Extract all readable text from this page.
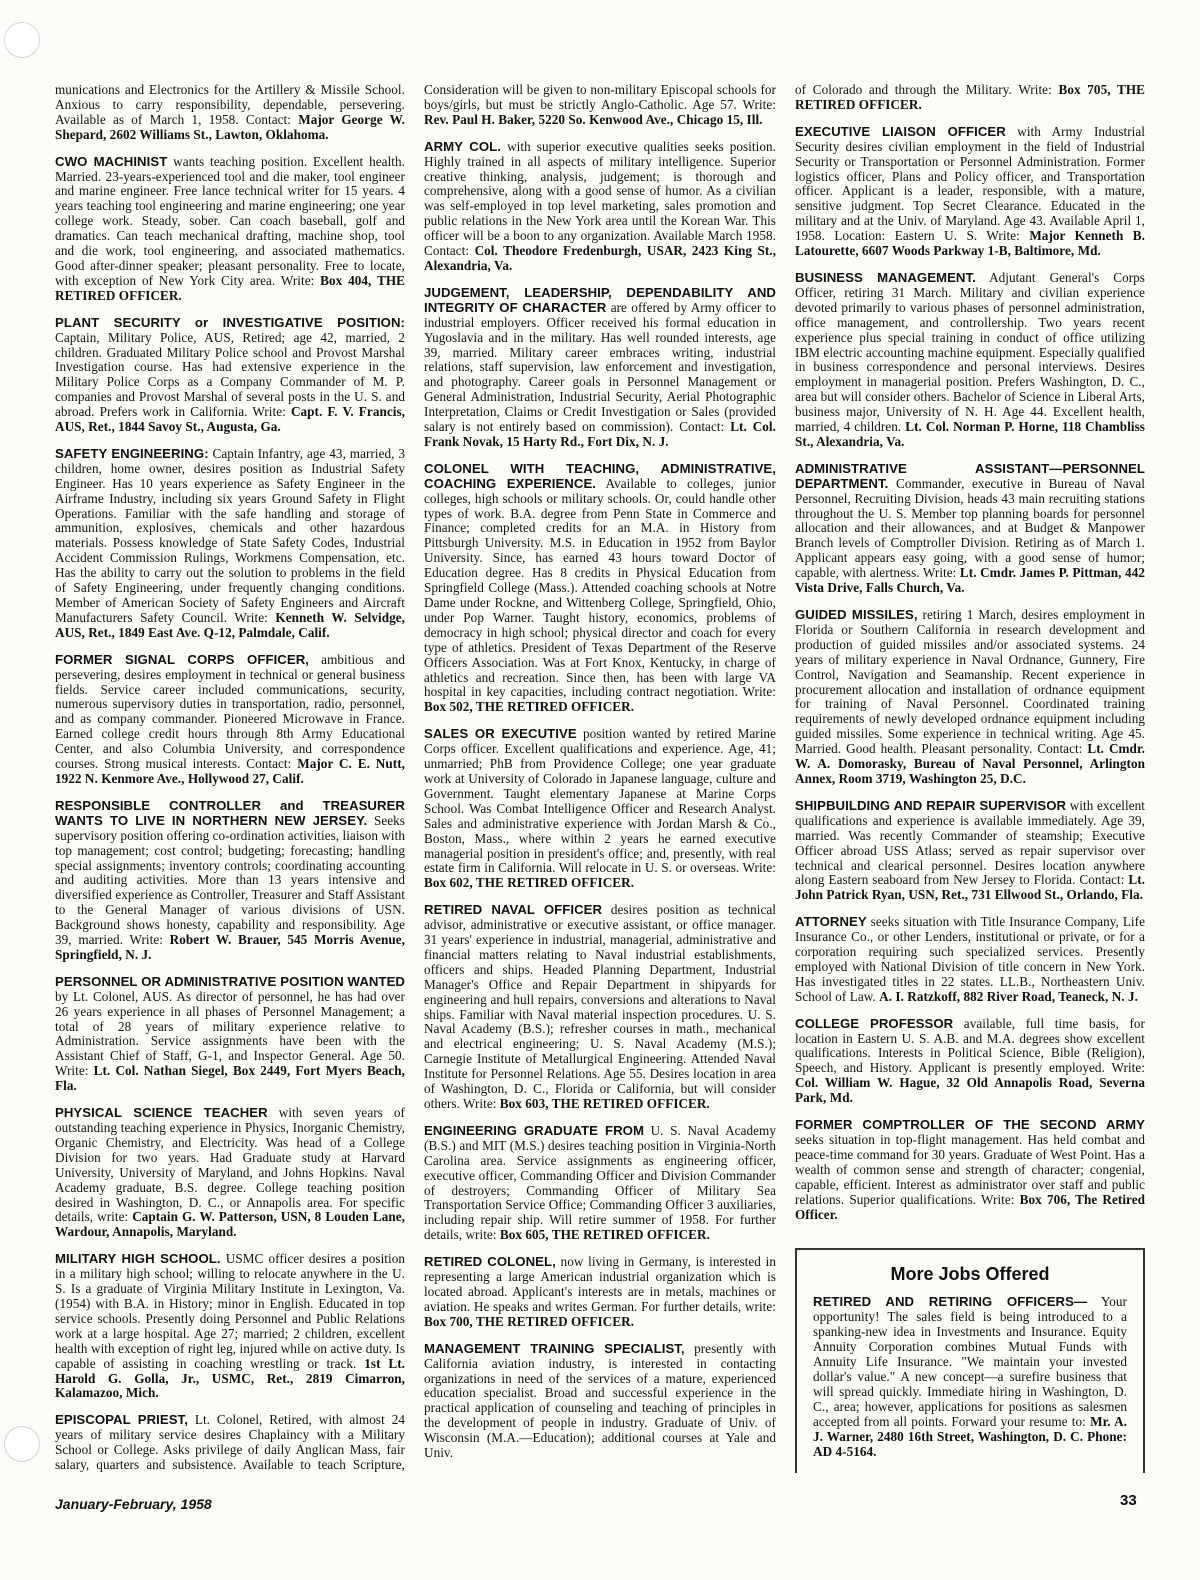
munications and Electronics for the Artillery & Missile School. Anxious to carry responsibility, dependable, persevering. Available as of March 1, 1958. Contact: Major George W. Shepard, 2602 Williams St., Lawton, Oklahoma.

CWO MACHINIST wants teaching position. Excellent health. Married. 23-years-experienced tool and die maker, tool engineer and marine engineer. Free lance technical writer for 15 years. 4 years teaching tool engineering and marine engineering; one year college work. Steady, sober. Can coach baseball, golf and dramatics. Can teach mechanical drafting, machine shop, tool and die work, tool engineering, and associated mathematics. Good after-dinner speaker; pleasant personality. Free to locate, with exception of New York City area. Write: Box 404, THE RETIRED OFFICER.

PLANT SECURITY or INVESTIGATIVE POSITION: Captain, Military Police, AUS, Retired; age 42, married, 2 children. Graduated Military Police school and Provost Marshal Investigation course. Has had extensive experience in the Military Police Corps as a Company Commander of M. P. companies and Provost Marshal of several posts in the U. S. and abroad. Prefers work in California. Write: Capt. F. V. Francis, AUS, Ret., 1844 Savoy St., Augusta, Ga.

SAFETY ENGINEERING: Captain Infantry, age 43, married, 3 children, home owner, desires position as Industrial Safety Engineer. Has 10 years experience as Safety Engineer in the Airframe Industry, including six years Ground Safety in Flight Operations. Familiar with the safe handling and storage of ammunition, explosives, chemicals and other hazardous materials. Possess knowledge of State Safety Codes, Industrial Accident Commission Rulings, Workmens Compensation, etc. Has the ability to carry out the solution to problems in the field of Safety Engineering, under frequently changing conditions. Member of American Society of Safety Engineers and Aircraft Manufacturers Safety Council. Write: Kenneth W. Selvidge, AUS, Ret., 1849 East Ave. Q-12, Palmdale, Calif.

FORMER SIGNAL CORPS OFFICER, ambitious and persevering, desires employment in technical or general business fields. Service career included communications, security, numerous supervisory duties in transportation, radio, personnel, and as company commander. Pioneered Microwave in France. Earned college credit hours through 8th Army Educational Center, and also Columbia University, and correspondence courses. Strong musical interests. Contact: Major C. E. Nutt, 1922 N. Kenmore Ave., Hollywood 27, Calif.

RESPONSIBLE CONTROLLER and TREASURER WANTS TO LIVE IN NORTHERN NEW JERSEY. Seeks supervisory position offering co-ordination activities, liaison with top management; cost control; budgeting; forecasting; handling special assignments; inventory controls; coordinating accounting and auditing activities. More than 13 years intensive and diversified experience as Controller, Treasurer and Staff Assistant to the General Manager of various divisions of USN. Background shows honesty, capability and responsibility. Age 39, married. Write: Robert W. Brauer, 545 Morris Avenue, Springfield, N. J.

PERSONNEL OR ADMINISTRATIVE POSITION WANTED by Lt. Colonel, AUS. As director of personnel, he has had over 26 years experience in all phases of Personnel Management; a total of 28 years of military experience relative to Administration. Service assignments have been with the Assistant Chief of Staff, G-1, and Inspector General. Age 50. Write: Lt. Col. Nathan Siegel, Box 2449, Fort Myers Beach, Fla.

PHYSICAL SCIENCE TEACHER with seven years of outstanding teaching experience in Physics, Inorganic Chemistry, Organic Chemistry, and Electricity. Was head of a College Division for two years. Had Graduate study at Harvard University, University of Maryland, and Johns Hopkins. Naval Academy graduate, B.S. degree. College teaching position desired in Washington, D. C., or Annapolis area. For specific details, write: Captain G. W. Patterson, USN, 8 Louden Lane, Wardour, Annapolis, Maryland.

MILITARY HIGH SCHOOL. USMC officer desires a position in a military high school; willing to relocate anywhere in the U. S. Is a graduate of Virginia Military Institute in Lexington, Va. (1954) with B.A. in History; minor in English. Educated in top service schools. Presently doing Personnel and Public Relations work at a large hospital. Age 27; married; 2 children, excellent health with exception of right leg, injured while on active duty. Is capable of assisting in coaching wrestling or track. 1st Lt. Harold G. Golla, Jr., USMC, Ret., 2819 Cimarron, Kalamazoo, Mich.

EPISCOPAL PRIEST, Lt. Colonel, Retired, with almost 24 years of military service desires Chaplaincy with a Military School or College. Asks privilege of daily Anglican Mass, fair salary, quarters and subsistence. Available to teach Scripture,

Consideration will be given to non-military Episcopal schools for boys/girls, but must be strictly Anglo-Catholic. Age 57. Write: Rev. Paul H. Baker, 5220 So. Kenwood Ave., Chicago 15, Ill.

ARMY COL. with superior executive qualities seeks position. Highly trained in all aspects of military intelligence. Superior creative thinking, analysis, judgement; is thorough and comprehensive, along with a good sense of humor. As a civilian was self-employed in top level marketing, sales promotion and public relations in the New York area until the Korean War. This officer will be a boon to any organization. Available March 1958. Contact: Col. Theodore Fredenburgh, USAR, 2423 King St., Alexandria, Va.

JUDGEMENT, LEADERSHIP, DEPENDABILITY AND INTEGRITY OF CHARACTER are offered by Army officer to industrial employers. Officer received his formal education in Yugoslavia and in the military. Has well rounded interests, age 39, married. Military career embraces writing, industrial relations, staff supervision, law enforcement and investigation, and photography. Career goals in Personnel Management or General Administration, Industrial Security, Aerial Photographic Interpretation, Claims or Credit Investigation or Sales (provided salary is not entirely based on commission). Contact: Lt. Col. Frank Novak, 15 Harty Rd., Fort Dix, N. J.

COLONEL WITH TEACHING, ADMINISTRATIVE, COACHING EXPERIENCE. Available to colleges, junior colleges, high schools or military schools. Or, could handle other types of work. B.A. degree from Penn State in Commerce and Finance; completed credits for an M.A. in History from Pittsburgh University. M.S. in Education in 1952 from Baylor University. Since, has earned 43 hours toward Doctor of Education degree. Has 8 credits in Physical Education from Springfield College (Mass.). Attended coaching schools at Notre Dame under Rockne, and Wittenberg College, Springfield, Ohio, under Pop Warner. Taught history, economics, problems of democracy in high school; physical director and coach for every type of athletics. President of Texas Department of the Reserve Officers Association. Was at Fort Knox, Kentucky, in charge of athletics and recreation. Since then, has been with large VA hospital in key capacities, including contract negotiation. Write: Box 502, THE RETIRED OFFICER.

SALES OR EXECUTIVE position wanted by retired Marine Corps officer. Excellent qualifications and experience. Age, 41; unmarried; PhB from Providence College; one year graduate work at University of Colorado in Japanese language, culture and Government. Taught elementary Japanese at Marine Corps School. Was Combat Intelligence Officer and Research Analyst. Sales and administrative experience with Jordan Marsh & Co., Boston, Mass., where within 2 years he earned executive managerial position in president's office; and, presently, with real estate firm in California. Will relocate in U. S. or overseas. Write: Box 602, THE RETIRED OFFICER.

RETIRED NAVAL OFFICER desires position as technical advisor, administrative or executive assistant, or office manager. 31 years' experience in industrial, managerial, administrative and financial matters relating to Naval industrial establishments, officers and ships. Headed Planning Department, Industrial Manager's Office and Repair Department in shipyards for engineering and hull repairs, conversions and alterations to Naval ships. Familiar with Naval material inspection procedures. U. S. Naval Academy (B.S.); refresher courses in math., mechanical and electrical engineering; U. S. Naval Academy (M.S.); Carnegie Institute of Metallurgical Engineering. Attended Naval Institute for Personnel Relations. Age 55. Desires location in area of Washington, D. C., Florida or California, but will consider others. Write: Box 603, THE RETIRED OFFICER.

ENGINEERING GRADUATE FROM U. S. Naval Academy (B.S.) and MIT (M.S.) desires teaching position in Virginia-North Carolina area. Service assignments as engineering officer, executive officer, Commanding Officer and Division Commander of destroyers; Commanding Officer of Military Sea Transportation Service Office; Commanding Officer 3 auxiliaries, including repair ship. Will retire summer of 1958. For further details, write: Box 605, THE RETIRED OFFICER.

RETIRED COLONEL, now living in Germany, is interested in representing a large American industrial organization which is located abroad. Applicant's interests are in metals, machines or aviation. He speaks and writes German. For further details, write: Box 700, THE RETIRED OFFICER.

MANAGEMENT TRAINING SPECIALIST, presently with California aviation industry, is interested in contacting organizations in need of the services of a mature, experienced education specialist. Broad and successful experience in the practical application of counseling and teaching of principles in the development of people in industry. Graduate of Univ. of Wisconsin (M.A.—Education); additional courses at Yale and Univ.

of Colorado and through the Military. Write: Box 705, THE RETIRED OFFICER.

EXECUTIVE LIAISON OFFICER with Army Industrial Security desires civilian employment in the field of Industrial Security or Transportation or Personnel Administration. Former logistics officer, Plans and Policy officer, and Transportation officer. Applicant is a leader, responsible, with a mature, sensitive judgment. Top Secret Clearance. Educated in the military and at the Univ. of Maryland. Age 43. Available April 1, 1958. Location: Eastern U. S. Write: Major Kenneth B. Latourette, 6607 Woods Parkway 1-B, Baltimore, Md.

BUSINESS MANAGEMENT. Adjutant General's Corps Officer, retiring 31 March. Military and civilian experience devoted primarily to various phases of personnel administration, office management, and controllership. Two years recent experience plus special training in conduct of office utilizing IBM electric accounting machine equipment. Especially qualified in business correspondence and personal interviews. Desires employment in managerial position. Prefers Washington, D. C., area but will consider others. Bachelor of Science in Liberal Arts, business major, University of N. H. Age 44. Excellent health, married, 4 children. Lt. Col. Norman P. Horne, 118 Chambliss St., Alexandria, Va.

ADMINISTRATIVE ASSISTANT—PERSONNEL DEPARTMENT. Commander, executive in Bureau of Naval Personnel, Recruiting Division, heads 43 main recruiting stations throughout the U. S. Member top planning boards for personnel allocation and their allowances, and at Budget & Manpower Branch levels of Comptroller Division. Retiring as of March 1. Applicant appears easy going, with a good sense of humor; capable, with alertness. Write: Lt. Cmdr. James P. Pittman, 442 Vista Drive, Falls Church, Va.

GUIDED MISSILES, retiring 1 March, desires employment in Florida or Southern California in research development and production of guided missiles and/or associated systems. 24 years of military experience in Naval Ordnance, Gunnery, Fire Control, Navigation and Seamanship. Recent experience in procurement allocation and installation of ordnance equipment for training of Naval Personnel. Coordinated training requirements of newly developed ordnance equipment including guided missiles. Some experience in technical writing. Age 45. Married. Good health. Pleasant personality. Contact: Lt. Cmdr. W. A. Domorasky, Bureau of Naval Personnel, Arlington Annex, Room 3719, Washington 25, D.C.

SHIPBUILDING AND REPAIR SUPERVISOR with excellent qualifications and experience is available immediately. Age 39, married. Was recently Commander of steamship; Executive Officer abroad USS Atlass; served as repair supervisor over technical and clearical personnel. Desires location anywhere along Eastern seaboard from New Jersey to Florida. Contact: Lt. John Patrick Ryan, USN, Ret., 731 Ellwood St., Orlando, Fla.

ATTORNEY seeks situation with Title Insurance Company, Life Insurance Co., or other Lenders, institutional or private, or for a corporation requiring such specialized services. Presently employed with National Division of title concern in New York. Has investigated titles in 22 states. LL.B., Northeastern Univ. School of Law. A. I. Ratzkoff, 882 River Road, Teaneck, N. J.

COLLEGE PROFESSOR available, full time basis, for location in Eastern U. S. A.B. and M.A. degrees show excellent qualifications. Interests in Political Science, Bible (Religion), Speech, and History. Applicant is presently employed. Write: Col. William W. Hague, 32 Old Annapolis Road, Severna Park, Md.

FORMER COMPTROLLER OF THE SECOND ARMY seeks situation in top-flight management. Has held combat and peace-time command for 30 years. Graduate of West Point. Has a wealth of common sense and strength of character; congenial, capable, efficient. Interest as administrator over staff and public relations. Superior qualifications. Write: Box 706, The Retired Officer.

More Jobs Offered

RETIRED AND RETIRING OFFICERS— Your opportunity! The sales field is being introduced to a spanking-new idea in Investments and Insurance. Equity Annuity Corporation combines Mutual Funds with Annuity Life Insurance. "We maintain your invested dollar's value." A new concept—a surefire business that will spread quickly. Immediate hiring in Washington, D. C., area; however, applications for positions as salesmen accepted from all points. Forward your resume to: Mr. A. J. Warner, 2480 16th Street, Washington, D. C. Phone: AD 4-5164.

January-February, 1958	33
